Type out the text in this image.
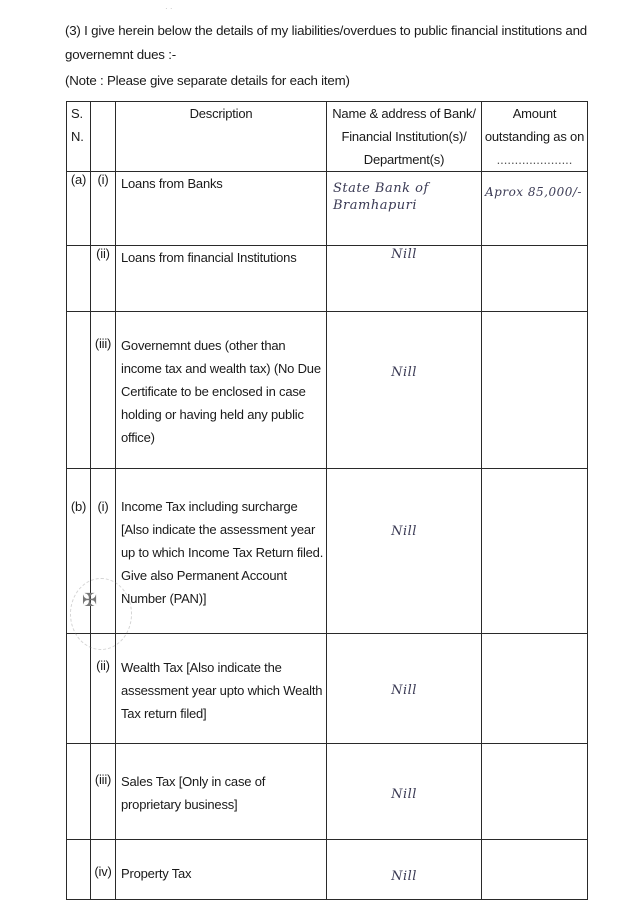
· ·
(3) I give herein below the details of my liabilities/overdues to public financial institutions and governemnt dues :-
(Note : Please give separate details for each item)
S. N.		Description	Name & address of Bank/ Financial Institution(s)/ Department(s)	Amount outstanding as on
.....................

(a)	(i)	Loans from Banks	State Bank of Bramhapuri	Aprox 85,000/-
	(ii)	Loans from financial Institutions	Nill	
	(iii)	Governemnt dues (other than income tax and wealth tax) (No Due Certificate to be enclosed in case holding or having held any public office)	Nill	
(b)	(i)	Income Tax including surcharge [Also indicate the assessment year up to which Income Tax Return filed. Give also Permanent Account Number (PAN)]	Nill	
	(ii)	Wealth Tax [Also indicate the assessment year upto which Wealth Tax return filed]	Nill	
	(iii)	Sales Tax [Only in case of proprietary business]	Nill	
	(iv)	Property Tax	Nill	
✠
